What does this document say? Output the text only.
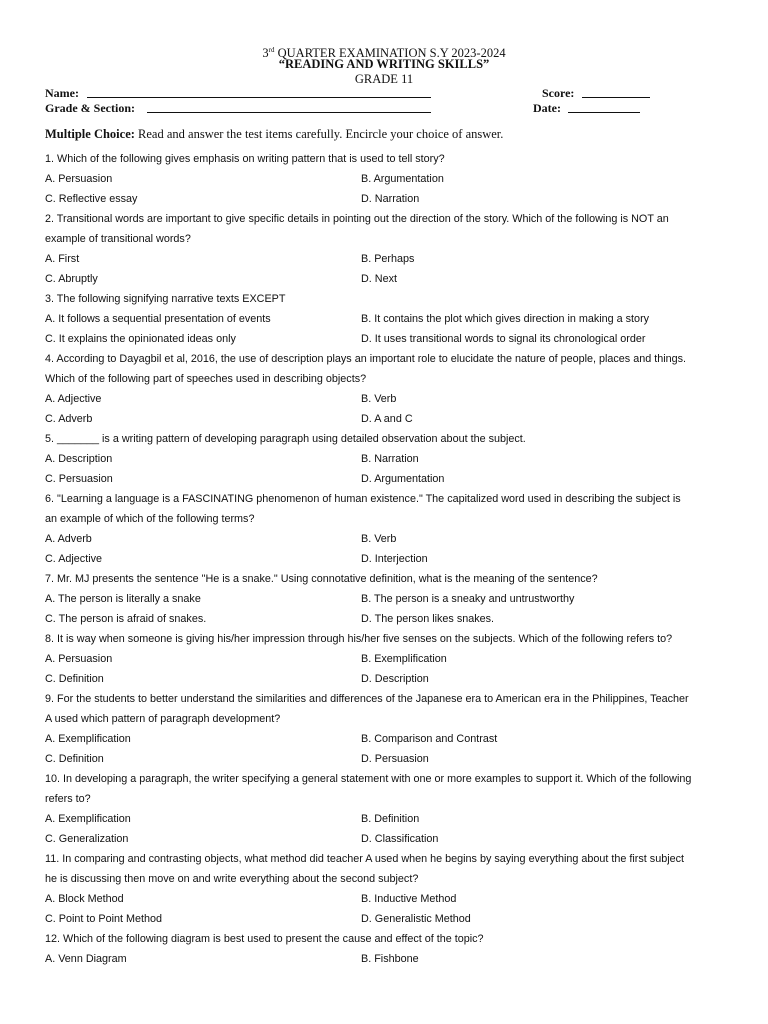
3rd QUARTER EXAMINATION S.Y 2023-2024
“READING AND WRITING SKILLS”
GRADE 11
Name:
Grade & Section:
Score:
Date:
Multiple Choice: Read and answer the test items carefully. Encircle your choice of answer.
1. Which of the following gives emphasis on writing pattern that is used to tell story?
A. Persuasion	B. Argumentation
C. Reflective essay	D. Narration
2. Transitional words are important to give specific details in pointing out the direction of the story. Which of the following is NOT an
example of transitional words?
A. First	B. Perhaps
C. Abruptly	D. Next
3. The following signifying narrative texts EXCEPT
A. It follows a sequential presentation of events	B. It contains the plot which gives direction in making a story
C. It explains the opinionated ideas only	D. It uses transitional words to signal its chronological order
4. According to Dayagbil et al, 2016, the use of description plays an important role to elucidate the nature of people, places and things.
Which of the following part of speeches used in describing objects?
A. Adjective	B. Verb
C. Adverb	D. A and C
5. _______ is a writing pattern of developing paragraph using detailed observation about the subject.
A. Description	B. Narration
C. Persuasion	D. Argumentation
6. "Learning a language is a FASCINATING phenomenon of human existence." The capitalized word used in describing the subject is
an example of which of the following terms?
A. Adverb	B. Verb
C. Adjective	D. Interjection
7. Mr. MJ presents the sentence "He is a snake." Using connotative definition, what is the meaning of the sentence?
A. The person is literally a snake	B. The person is a sneaky and untrustworthy
C. The person is afraid of snakes.	D. The person likes snakes.
8. It is way when someone is giving his/her impression through his/her five senses on the subjects. Which of the following refers to?
A. Persuasion	B. Exemplification
C. Definition	D. Description
9. For the students to better understand the similarities and differences of the Japanese era to American era in the Philippines, Teacher
A used which pattern of paragraph development?
A. Exemplification	B. Comparison and Contrast
C. Definition	D. Persuasion
10. In developing a paragraph, the writer specifying a general statement with one or more examples to support it. Which of the following
refers to?
A. Exemplification	B. Definition
C. Generalization	D. Classification
11. In comparing and contrasting objects, what method did teacher A used when he begins by saying everything about the first subject
he is discussing then move on and write everything about the second subject?
A. Block Method	B. Inductive Method
C. Point to Point Method	D. Generalistic Method
12. Which of the following diagram is best used to present the cause and effect of the topic?
A. Venn Diagram	B. Fishbone
